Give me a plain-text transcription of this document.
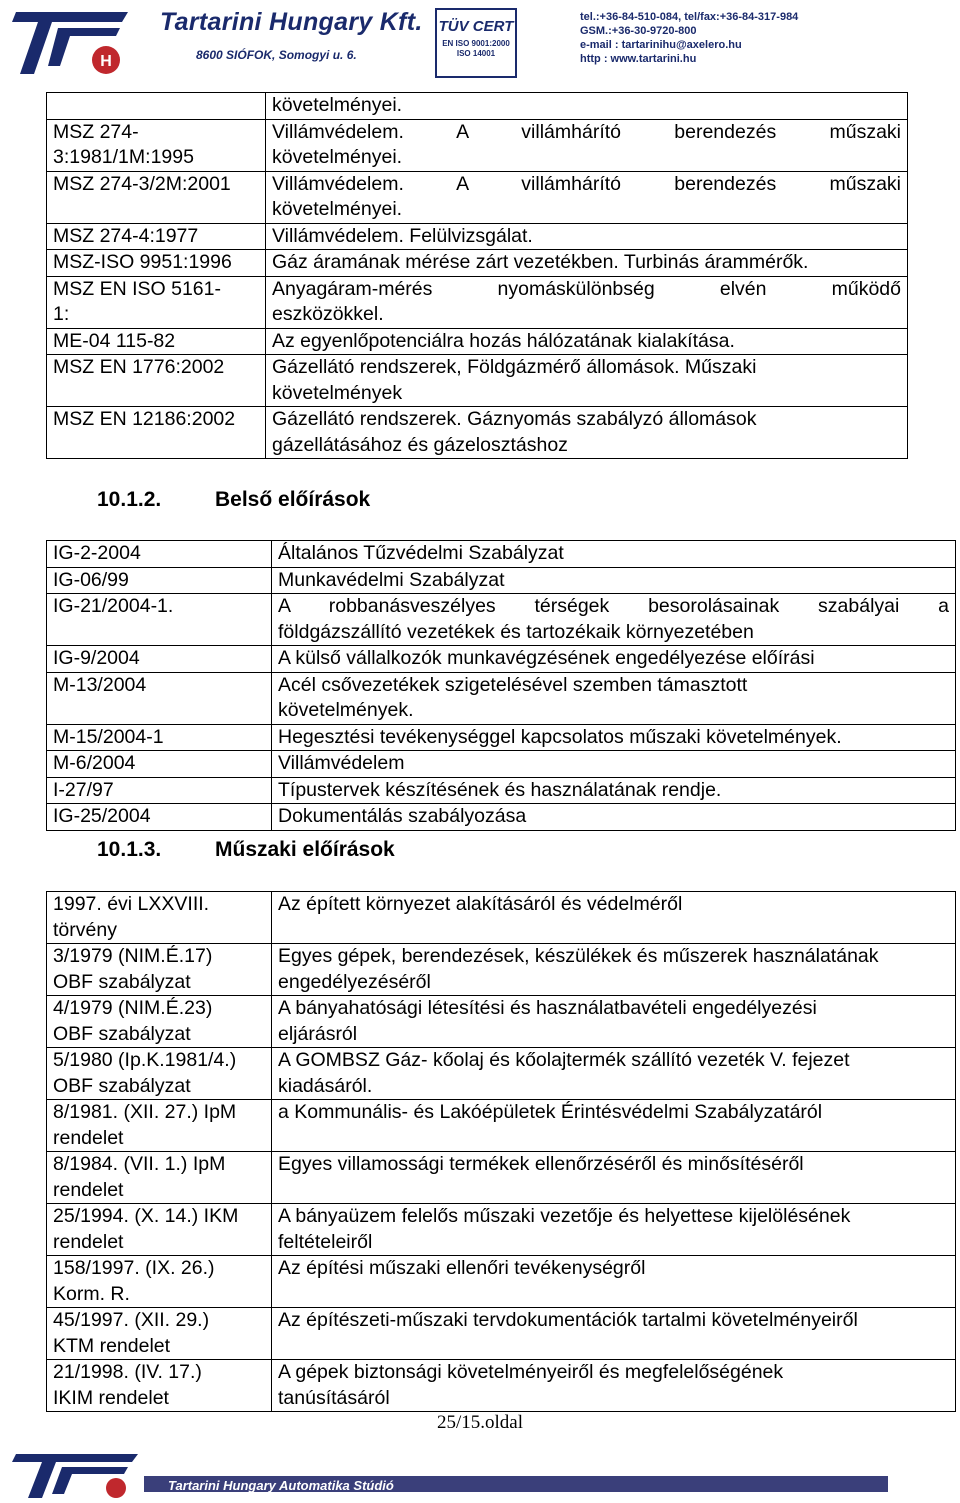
H
Tartarini Hungary Kft.
8600 SIÓFOK, Somogyi u. 6.
TÜV CERT
EN ISO 9001:2000
ISO 14001
tel.:+36-84-510-084, tel/fax:+36-84-317-984
GSM.:+36-30-9720-800
e-mail : tartarinihu@axelero.hu
http : www.tartarini.hu

	követelményei.

MSZ 274-
3:1981/1M:1995	Villámvédelem. A villámhárító berendezés műszaki
követelményei.

MSZ 274-3/2M:2001	Villámvédelem. A villámhárító berendezés műszaki
követelményei.

MSZ 274-4:1977	Villámvédelem. Felülvizsgálat.

MSZ-ISO 9951:1996	Gáz áramának mérése zárt vezetékben. Turbinás árammérők.

MSZ EN ISO 5161-
1:	Anyagáram-mérés nyomáskülönbség elvén működő
eszközökkel.

ME-04 115-82	Az egyenlőpotenciálra hozás hálózatának kialakítása.

MSZ EN 1776:2002	Gázellátó rendszerek, Földgázmérő állomások. Műszaki
követelmények

MSZ EN 12186:2002	Gázellátó rendszerek. Gáznyomás szabályzó állomások
gázellátásához és gázelosztáshoz
10.1.2.	Belső előírások
IG-2-2004	Általános Tűzvédelmi Szabályzat

IG-06/99	Munkavédelmi Szabályzat

IG-21/2004-1.	A robbanásveszélyes térségek besorolásainak szabályai a
földgázszállító vezetékek és tartozékaik környezetében

IG-9/2004	A külső vállalkozók munkavégzésének engedélyezése előírási

M-13/2004	Acél csővezetékek szigetelésével szemben támasztott
követelmények.

M-15/2004-1	Hegesztési tevékenységgel kapcsolatos műszaki követelmények.

M-6/2004	Villámvédelem

I-27/97	Típustervek készítésének és használatának rendje.

IG-25/2004	Dokumentálás szabályozása
10.1.3.	Műszaki előírások
1997. évi LXXVIII.
törvény	Az épített környezet alakításáról és védelméről

3/1979 (NIM.É.17)
OBF szabályzat	Egyes gépek, berendezések, készülékek és műszerek használatának
engedélyezéséről

4/1979 (NIM.É.23)
OBF szabályzat	A bányahatósági létesítési és használatbavételi engedélyezési
eljárásról

5/1980 (Ip.K.1981/4.)
OBF szabályzat	A GOMBSZ Gáz- kőolaj és kőolajtermék szállító vezeték V. fejezet
kiadásáról.

8/1981. (XII. 27.) IpM
rendelet	a Kommunális- és Lakóépületek Érintésvédelmi Szabályzatáról

8/1984. (VII. 1.) IpM
rendelet	Egyes villamossági termékek ellenőrzéséről és minősítéséről

25/1994. (X. 14.) IKM
rendelet	A bányaüzem felelős műszaki vezetője és helyettese kijelölésének
feltételeiről

158/1997. (IX. 26.)
Korm. R.	Az építési műszaki ellenőri tevékenységről

45/1997. (XII. 29.)
KTM rendelet	Az építészeti-műszaki tervdokumentációk tartalmi követelményeiről

21/1998. (IV. 17.)
IKIM rendelet	A gépek biztonsági követelményeiről és megfelelőségének
tanúsításáról
25/15.oldal
Tartarini Hungary Automatika Stúdió
